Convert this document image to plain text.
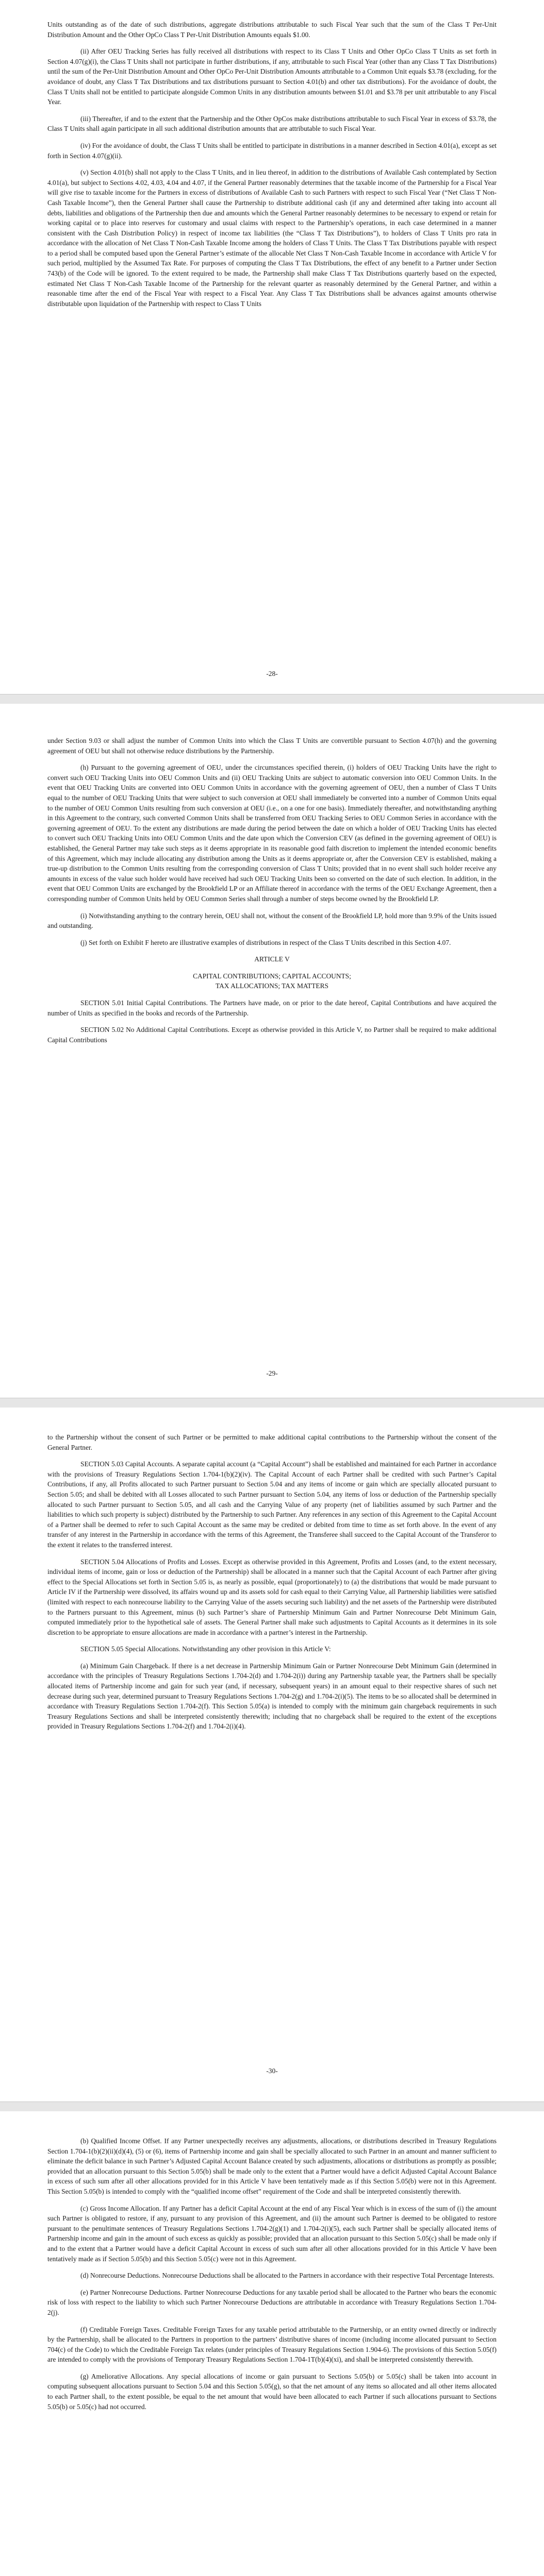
Units outstanding as of the date of such distributions, aggregate distributions attributable to such Fiscal Year such that the sum of the Class T Per-Unit Distribution Amount and the Other OpCo Class T Per-Unit Distribution Amounts equals $1.00.

(ii) After OEU Tracking Series has fully received all distributions with respect to its Class T Units and Other OpCo Class T Units as set forth in Section 4.07(g)(i), the Class T Units shall not participate in further distributions, if any, attributable to such Fiscal Year (other than any Class T Tax Distributions) until the sum of the Per-Unit Distribution Amount and Other OpCo Per-Unit Distribution Amounts attributable to a Common Unit equals $3.78 (excluding, for the avoidance of doubt, any Class T Tax Distributions and tax distributions pursuant to Section 4.01(b) and other tax distributions). For the avoidance of doubt, the Class T Units shall not be entitled to participate alongside Common Units in any distribution amounts between $1.01 and $3.78 per unit attributable to any Fiscal Year.

(iii) Thereafter, if and to the extent that the Partnership and the Other OpCos make distributions attributable to such Fiscal Year in excess of $3.78, the Class T Units shall again participate in all such additional distribution amounts that are attributable to such Fiscal Year.

(iv) For the avoidance of doubt, the Class T Units shall be entitled to participate in distributions in a manner described in Section 4.01(a), except as set forth in Section 4.07(g)(ii).

(v) Section 4.01(b) shall not apply to the Class T Units, and in lieu thereof, in addition to the distributions of Available Cash contemplated by Section 4.01(a), but subject to Sections 4.02, 4.03, 4.04 and 4.07, if the General Partner reasonably determines that the taxable income of the Partnership for a Fiscal Year will give rise to taxable income for the Partners in excess of distributions of Available Cash to such Partners with respect to such Fiscal Year (“Net Class T Non-Cash Taxable Income”), then the General Partner shall cause the Partnership to distribute additional cash (if any and determined after taking into account all debts, liabilities and obligations of the Partnership then due and amounts which the General Partner reasonably determines to be necessary to expend or retain for working capital or to place into reserves for customary and usual claims with respect to the Partnership’s operations, in each case determined in a manner consistent with the Cash Distribution Policy) in respect of income tax liabilities (the “Class T Tax Distributions”), to holders of Class T Units pro rata in accordance with the allocation of Net Class T Non-Cash Taxable Income among the holders of Class T Units. The Class T Tax Distributions payable with respect to a period shall be computed based upon the General Partner’s estimate of the allocable Net Class T Non-Cash Taxable Income in accordance with Article V for such period, multiplied by the Assumed Tax Rate. For purposes of computing the Class T Tax Distributions, the effect of any benefit to a Partner under Section 743(b) of the Code will be ignored. To the extent required to be made, the Partnership shall make Class T Tax Distributions quarterly based on the expected, estimated Net Class T Non-Cash Taxable Income of the Partnership for the relevant quarter as reasonably determined by the General Partner, and within a reasonable time after the end of the Fiscal Year with respect to a Fiscal Year. Any Class T Tax Distributions shall be advances against amounts otherwise distributable upon liquidation of the Partnership with respect to Class T Units

-28-

under Section 9.03 or shall adjust the number of Common Units into which the Class T Units are convertible pursuant to Section 4.07(h) and the governing agreement of OEU but shall not otherwise reduce distributions by the Partnership.

(h) Pursuant to the governing agreement of OEU, under the circumstances specified therein, (i) holders of OEU Tracking Units have the right to convert such OEU Tracking Units into OEU Common Units and (ii) OEU Tracking Units are subject to automatic conversion into OEU Common Units. In the event that OEU Tracking Units are converted into OEU Common Units in accordance with the governing agreement of OEU, then a number of Class T Units equal to the number of OEU Tracking Units that were subject to such conversion at OEU shall immediately be converted into a number of Common Units equal to the number of OEU Common Units resulting from such conversion at OEU (i.e., on a one for one basis). Immediately thereafter, and notwithstanding anything in this Agreement to the contrary, such converted Common Units shall be transferred from OEU Tracking Series to OEU Common Series in accordance with the governing agreement of OEU. To the extent any distributions are made during the period between the date on which a holder of OEU Tracking Units has elected to convert such OEU Tracking Units into OEU Common Units and the date upon which the Conversion CEV (as defined in the governing agreement of OEU) is established, the General Partner may take such steps as it deems appropriate in its reasonable good faith discretion to implement the intended economic benefits of this Agreement, which may include allocating any distribution among the Units as it deems appropriate or, after the Conversion CEV is established, making a true-up distribution to the Common Units resulting from the corresponding conversion of Class T Units; provided that in no event shall such holder receive any amounts in excess of the value such holder would have received had such OEU Tracking Units been so converted on the date of such election. In addition, in the event that OEU Common Units are exchanged by the Brookfield LP or an Affiliate thereof in accordance with the terms of the OEU Exchange Agreement, then a corresponding number of Common Units held by OEU Common Series shall through a number of steps become owned by the Brookfield LP.

(i) Notwithstanding anything to the contrary herein, OEU shall not, without the consent of the Brookfield LP, hold more than 9.9% of the Units issued and outstanding.

(j) Set forth on Exhibit F hereto are illustrative examples of distributions in respect of the Class T Units described in this Section 4.07.

ARTICLE V

CAPITAL CONTRIBUTIONS; CAPITAL ACCOUNTS;

TAX ALLOCATIONS; TAX MATTERS

SECTION 5.01 Initial Capital Contributions. The Partners have made, on or prior to the date hereof, Capital Contributions and have acquired the number of Units as specified in the books and records of the Partnership.

SECTION 5.02 No Additional Capital Contributions. Except as otherwise provided in this Article V, no Partner shall be required to make additional Capital Contributions

-29-

to the Partnership without the consent of such Partner or be permitted to make additional capital contributions to the Partnership without the consent of the General Partner.

SECTION 5.03 Capital Accounts. A separate capital account (a “Capital Account”) shall be established and maintained for each Partner in accordance with the provisions of Treasury Regulations Section 1.704-1(b)(2)(iv). The Capital Account of each Partner shall be credited with such Partner’s Capital Contributions, if any, all Profits allocated to such Partner pursuant to Section 5.04 and any items of income or gain which are specially allocated pursuant to Section 5.05; and shall be debited with all Losses allocated to such Partner pursuant to Section 5.04, any items of loss or deduction of the Partnership specially allocated to such Partner pursuant to Section 5.05, and all cash and the Carrying Value of any property (net of liabilities assumed by such Partner and the liabilities to which such property is subject) distributed by the Partnership to such Partner. Any references in any section of this Agreement to the Capital Account of a Partner shall be deemed to refer to such Capital Account as the same may be credited or debited from time to time as set forth above. In the event of any transfer of any interest in the Partnership in accordance with the terms of this Agreement, the Transferee shall succeed to the Capital Account of the Transferor to the extent it relates to the transferred interest.

SECTION 5.04 Allocations of Profits and Losses. Except as otherwise provided in this Agreement, Profits and Losses (and, to the extent necessary, individual items of income, gain or loss or deduction of the Partnership) shall be allocated in a manner such that the Capital Account of each Partner after giving effect to the Special Allocations set forth in Section 5.05 is, as nearly as possible, equal (proportionately) to (a) the distributions that would be made pursuant to Article IV if the Partnership were dissolved, its affairs wound up and its assets sold for cash equal to their Carrying Value, all Partnership liabilities were satisfied (limited with respect to each nonrecourse liability to the Carrying Value of the assets securing such liability) and the net assets of the Partnership were distributed to the Partners pursuant to this Agreement, minus (b) such Partner’s share of Partnership Minimum Gain and Partner Nonrecourse Debt Minimum Gain, computed immediately prior to the hypothetical sale of assets. The General Partner shall make such adjustments to Capital Accounts as it determines in its sole discretion to be appropriate to ensure allocations are made in accordance with a partner’s interest in the Partnership.

SECTION 5.05 Special Allocations. Notwithstanding any other provision in this Article V:

(a) Minimum Gain Chargeback. If there is a net decrease in Partnership Minimum Gain or Partner Nonrecourse Debt Minimum Gain (determined in accordance with the principles of Treasury Regulations Sections 1.704-2(d) and 1.704-2(i)) during any Partnership taxable year, the Partners shall be specially allocated items of Partnership income and gain for such year (and, if necessary, subsequent years) in an amount equal to their respective shares of such net decrease during such year, determined pursuant to Treasury Regulations Sections 1.704-2(g) and 1.704-2(i)(5). The items to be so allocated shall be determined in accordance with Treasury Regulations Section 1.704-2(f). This Section 5.05(a) is intended to comply with the minimum gain chargeback requirements in such Treasury Regulations Sections and shall be interpreted consistently therewith; including that no chargeback shall be required to the extent of the exceptions provided in Treasury Regulations Sections 1.704-2(f) and 1.704-2(i)(4).

-30-

(b) Qualified Income Offset. If any Partner unexpectedly receives any adjustments, allocations, or distributions described in Treasury Regulations Section 1.704-1(b)(2)(ii)(d)(4), (5) or (6), items of Partnership income and gain shall be specially allocated to such Partner in an amount and manner sufficient to eliminate the deficit balance in such Partner’s Adjusted Capital Account Balance created by such adjustments, allocations or distributions as promptly as possible; provided that an allocation pursuant to this Section 5.05(b) shall be made only to the extent that a Partner would have a deficit Adjusted Capital Account Balance in excess of such sum after all other allocations provided for in this Article V have been tentatively made as if this Section 5.05(b) were not in this Agreement. This Section 5.05(b) is intended to comply with the “qualified income offset” requirement of the Code and shall be interpreted consistently therewith.

(c) Gross Income Allocation. If any Partner has a deficit Capital Account at the end of any Fiscal Year which is in excess of the sum of (i) the amount such Partner is obligated to restore, if any, pursuant to any provision of this Agreement, and (ii) the amount such Partner is deemed to be obligated to restore pursuant to the penultimate sentences of Treasury Regulations Sections 1.704-2(g)(1) and 1.704-2(i)(5), each such Partner shall be specially allocated items of Partnership income and gain in the amount of such excess as quickly as possible; provided that an allocation pursuant to this Section 5.05(c) shall be made only if and to the extent that a Partner would have a deficit Capital Account in excess of such sum after all other allocations provided for in this Article V have been tentatively made as if Section 5.05(b) and this Section 5.05(c) were not in this Agreement.

(d) Nonrecourse Deductions. Nonrecourse Deductions shall be allocated to the Partners in accordance with their respective Total Percentage Interests.

(e) Partner Nonrecourse Deductions. Partner Nonrecourse Deductions for any taxable period shall be allocated to the Partner who bears the economic risk of loss with respect to the liability to which such Partner Nonrecourse Deductions are attributable in accordance with Treasury Regulations Section 1.704-2(j).

(f) Creditable Foreign Taxes. Creditable Foreign Taxes for any taxable period attributable to the Partnership, or an entity owned directly or indirectly by the Partnership, shall be allocated to the Partners in proportion to the partners’ distributive shares of income (including income allocated pursuant to Section 704(c) of the Code) to which the Creditable Foreign Tax relates (under principles of Treasury Regulations Section 1.904-6). The provisions of this Section 5.05(f) are intended to comply with the provisions of Temporary Treasury Regulations Section 1.704-1T(b)(4)(xi), and shall be interpreted consistently therewith.

(g) Ameliorative Allocations. Any special allocations of income or gain pursuant to Sections 5.05(b) or 5.05(c) shall be taken into account in computing subsequent allocations pursuant to Section 5.04 and this Section 5.05(g), so that the net amount of any items so allocated and all other items allocated to each Partner shall, to the extent possible, be equal to the net amount that would have been allocated to each Partner if such allocations pursuant to Sections 5.05(b) or 5.05(c) had not occurred.
